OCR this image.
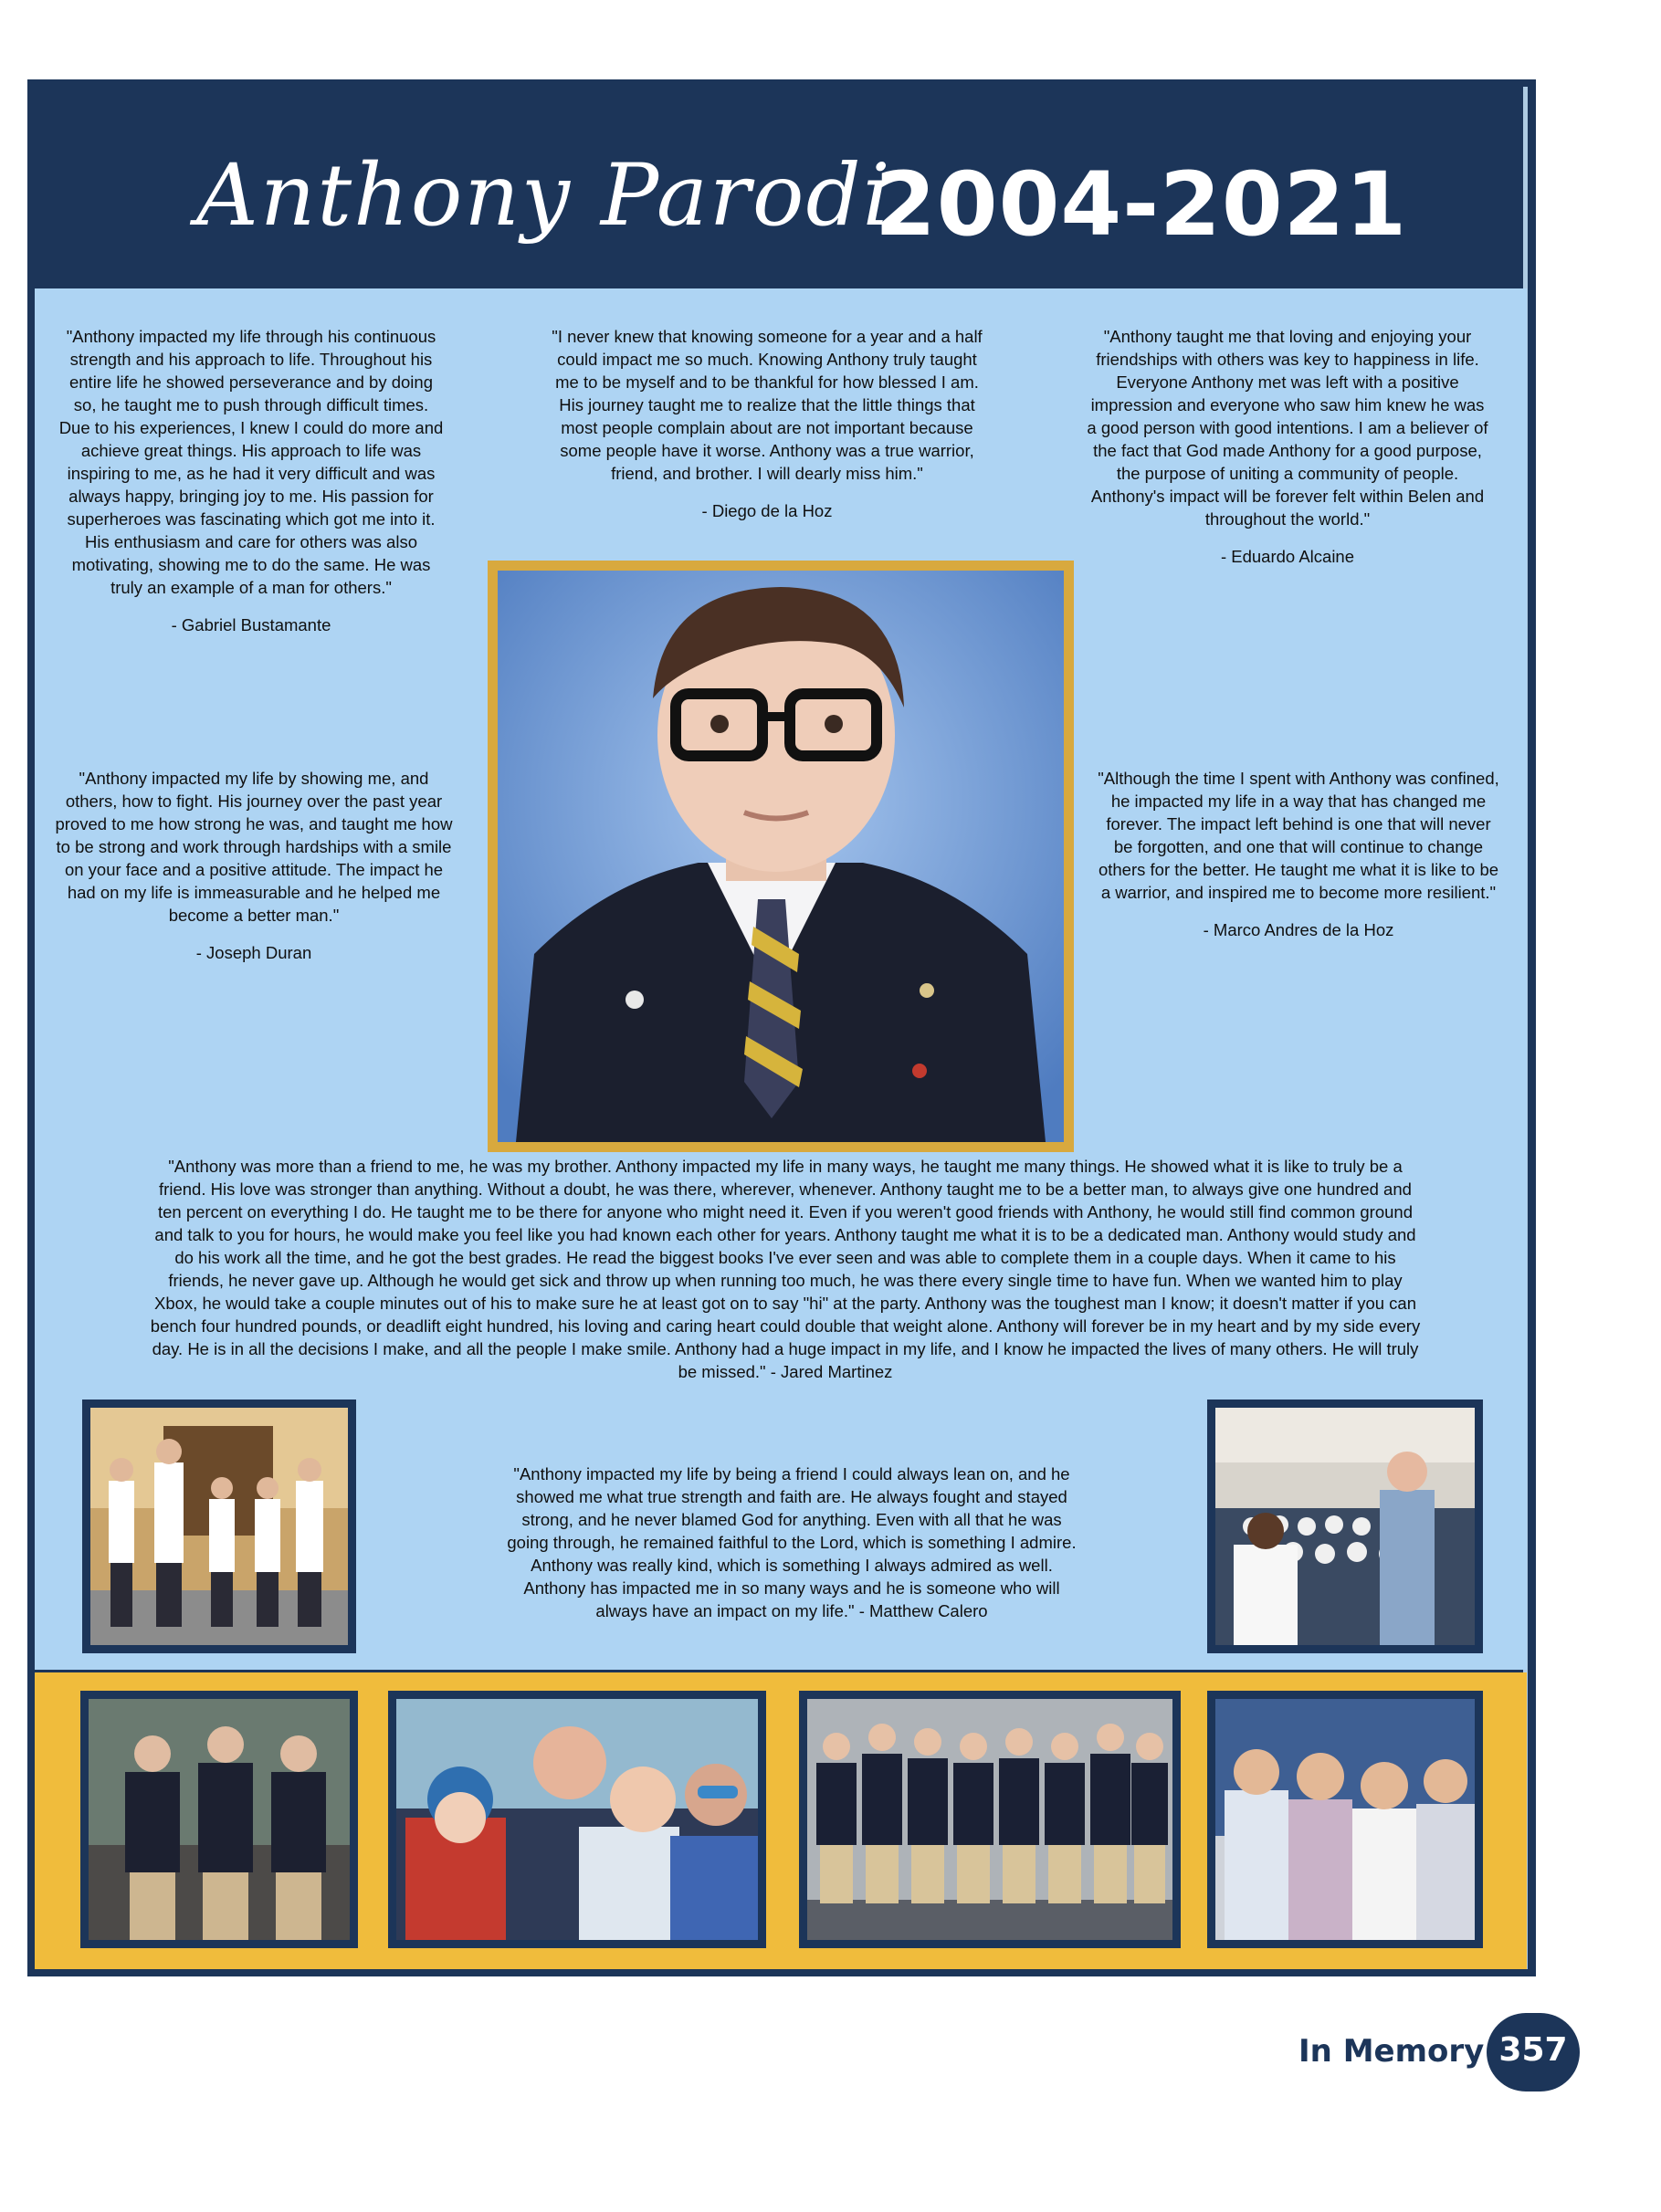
Anthony Parodi
2004-2021

"Anthony impacted my life through his continuous strength and his approach to life. Throughout his entire life he showed perseverance and by doing so, he taught me to push through difficult times. Due to his experiences, I knew I could do more and achieve great things. His approach to life was inspiring to me, as he had it very difficult and was always happy, bringing joy to me. His passion for superheroes was fascinating which got me into it. His enthusiasm and care for others was also motivating, showing me to do the same. He was truly an example of a man for others."

- Gabriel Bustamante

"I never knew that knowing someone for a year and a half could impact me so much. Knowing Anthony truly taught me to be myself and to be thankful for how blessed I am. His journey taught me to realize that the little things that most people complain about are not important because some people have it worse. Anthony was a true warrior, friend, and brother. I will dearly miss him."

- Diego de la Hoz

"Anthony taught me that loving and enjoying your friendships with others was key to happiness in life. Everyone Anthony met was left with a positive impression and everyone who saw him knew he was a good person with good intentions. I am a believer of the fact that God made Anthony for a good purpose, the purpose of uniting a community of people. Anthony's impact will be forever felt within Belen and throughout the world."

- Eduardo Alcaine

"Anthony impacted my life by showing me, and others, how to fight. His journey over the past year proved to me how strong he was, and taught me how to be strong and work through hardships with a smile on your face and a positive attitude. The impact he had on my life is immeasurable and he helped me become a better man."

- Joseph Duran

"Although the time I spent with Anthony was confined, he impacted my life in a way that has changed me forever. The impact left behind is one that will never be forgotten, and one that will continue to change others for the better. He taught me what it is like to be a warrior, and inspired me to become more resilient."

- Marco Andres de la Hoz

"Anthony was more than a friend to me, he was my brother. Anthony impacted my life in many ways, he taught me many things. He showed what it is like to truly be a friend. His love was stronger than anything. Without a doubt, he was there, wherever, whenever. Anthony taught me to be a better man, to always give one hundred and ten percent on everything I do. He taught me to be there for anyone who might need it. Even if you weren't good friends with Anthony, he would still find common ground and talk to you for hours, he would make you feel like you had known each other for years. Anthony taught me what it is to be a dedicated man. Anthony would study and do his work all the time, and he got the best grades. He read the biggest books I've ever seen and was able to complete them in a couple days. When it came to his friends, he never gave up. Although he would get sick and throw up when running too much, he was there every single time to have fun. When we wanted him to play Xbox, he would take a couple minutes out of his to make sure he at least got on to say "hi" at the party. Anthony was the toughest man I know; it doesn't matter if you can bench four hundred pounds, or deadlift eight hundred, his loving and caring heart could double that weight alone. Anthony will forever be in my heart and by my side every day. He is in all the decisions I make, and all the people I make smile. Anthony had a huge impact in my life, and I know he impacted the lives of many others. He will truly be missed." - Jared Martinez

"Anthony impacted my life by being a friend I could always lean on, and he showed me what true strength and faith are. He always fought and stayed strong, and he never blamed God for anything. Even with all that he was going through, he remained faithful to the Lord, which is something I admire. Anthony was really kind, which is something I always admired as well. Anthony has impacted me in so many ways and he is someone who will always have an impact on my life." - Matthew Calero

In Memory 357
